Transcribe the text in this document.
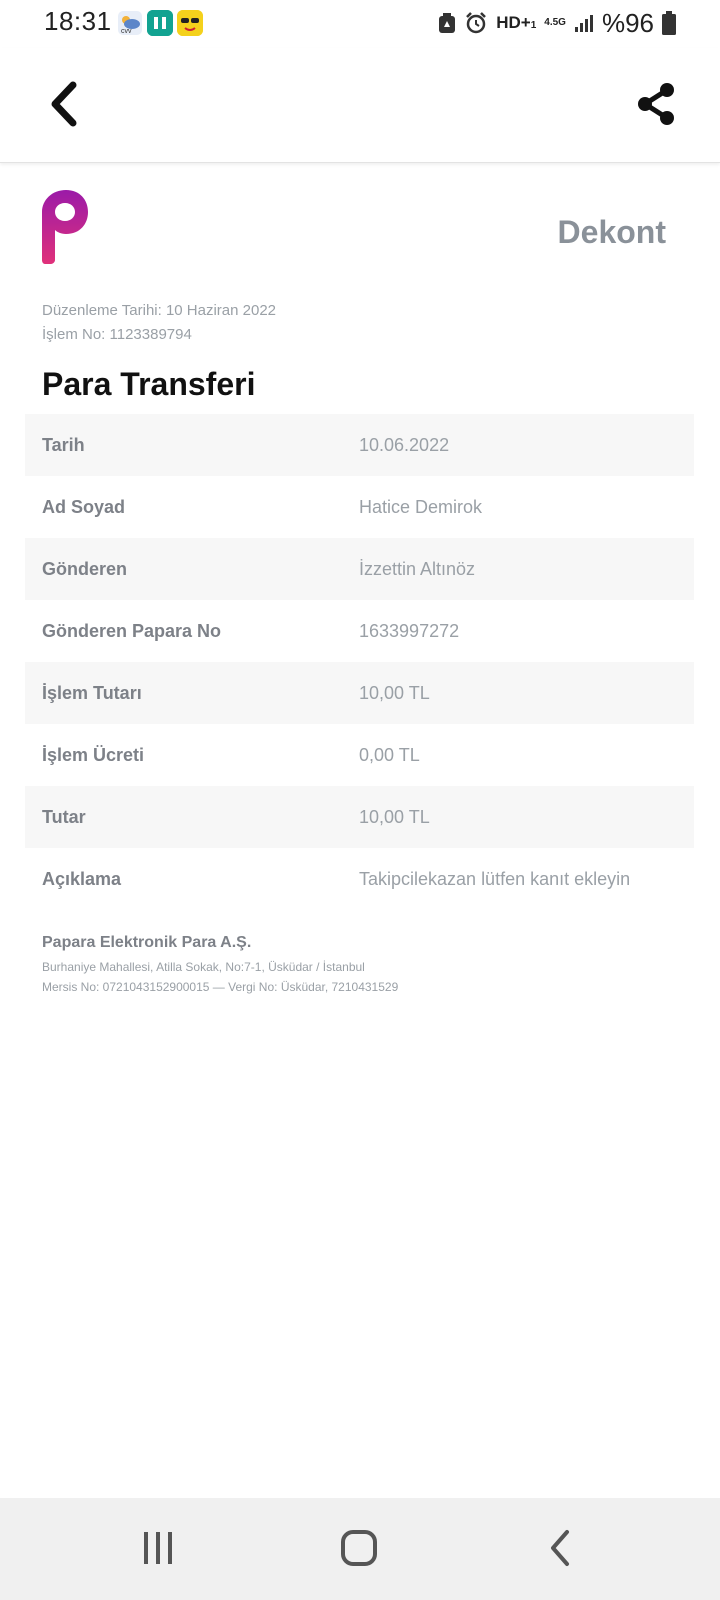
18:31 cvv	HD+1 4.5G %96
Dekont
Düzenleme Tarihi: 10 Haziran 2022
İşlem No: 1123389794
Para Transferi
Tarih	10.06.2022
Ad Soyad	Hatice Demirok
Gönderen	İzzettin Altınöz
Gönderen Papara No	1633997272
İşlem Tutarı	10,00 TL
İşlem Ücreti	0,00 TL
Tutar	10,00 TL
Açıklama	Takipcilekazan lütfen kanıt ekleyin
Papara Elektronik Para A.Ş.
Burhaniye Mahallesi, Atilla Sokak, No:7-1, Üsküdar / İstanbul
Mersis No: 0721043152900015 — Vergi No: Üsküdar, 7210431529
